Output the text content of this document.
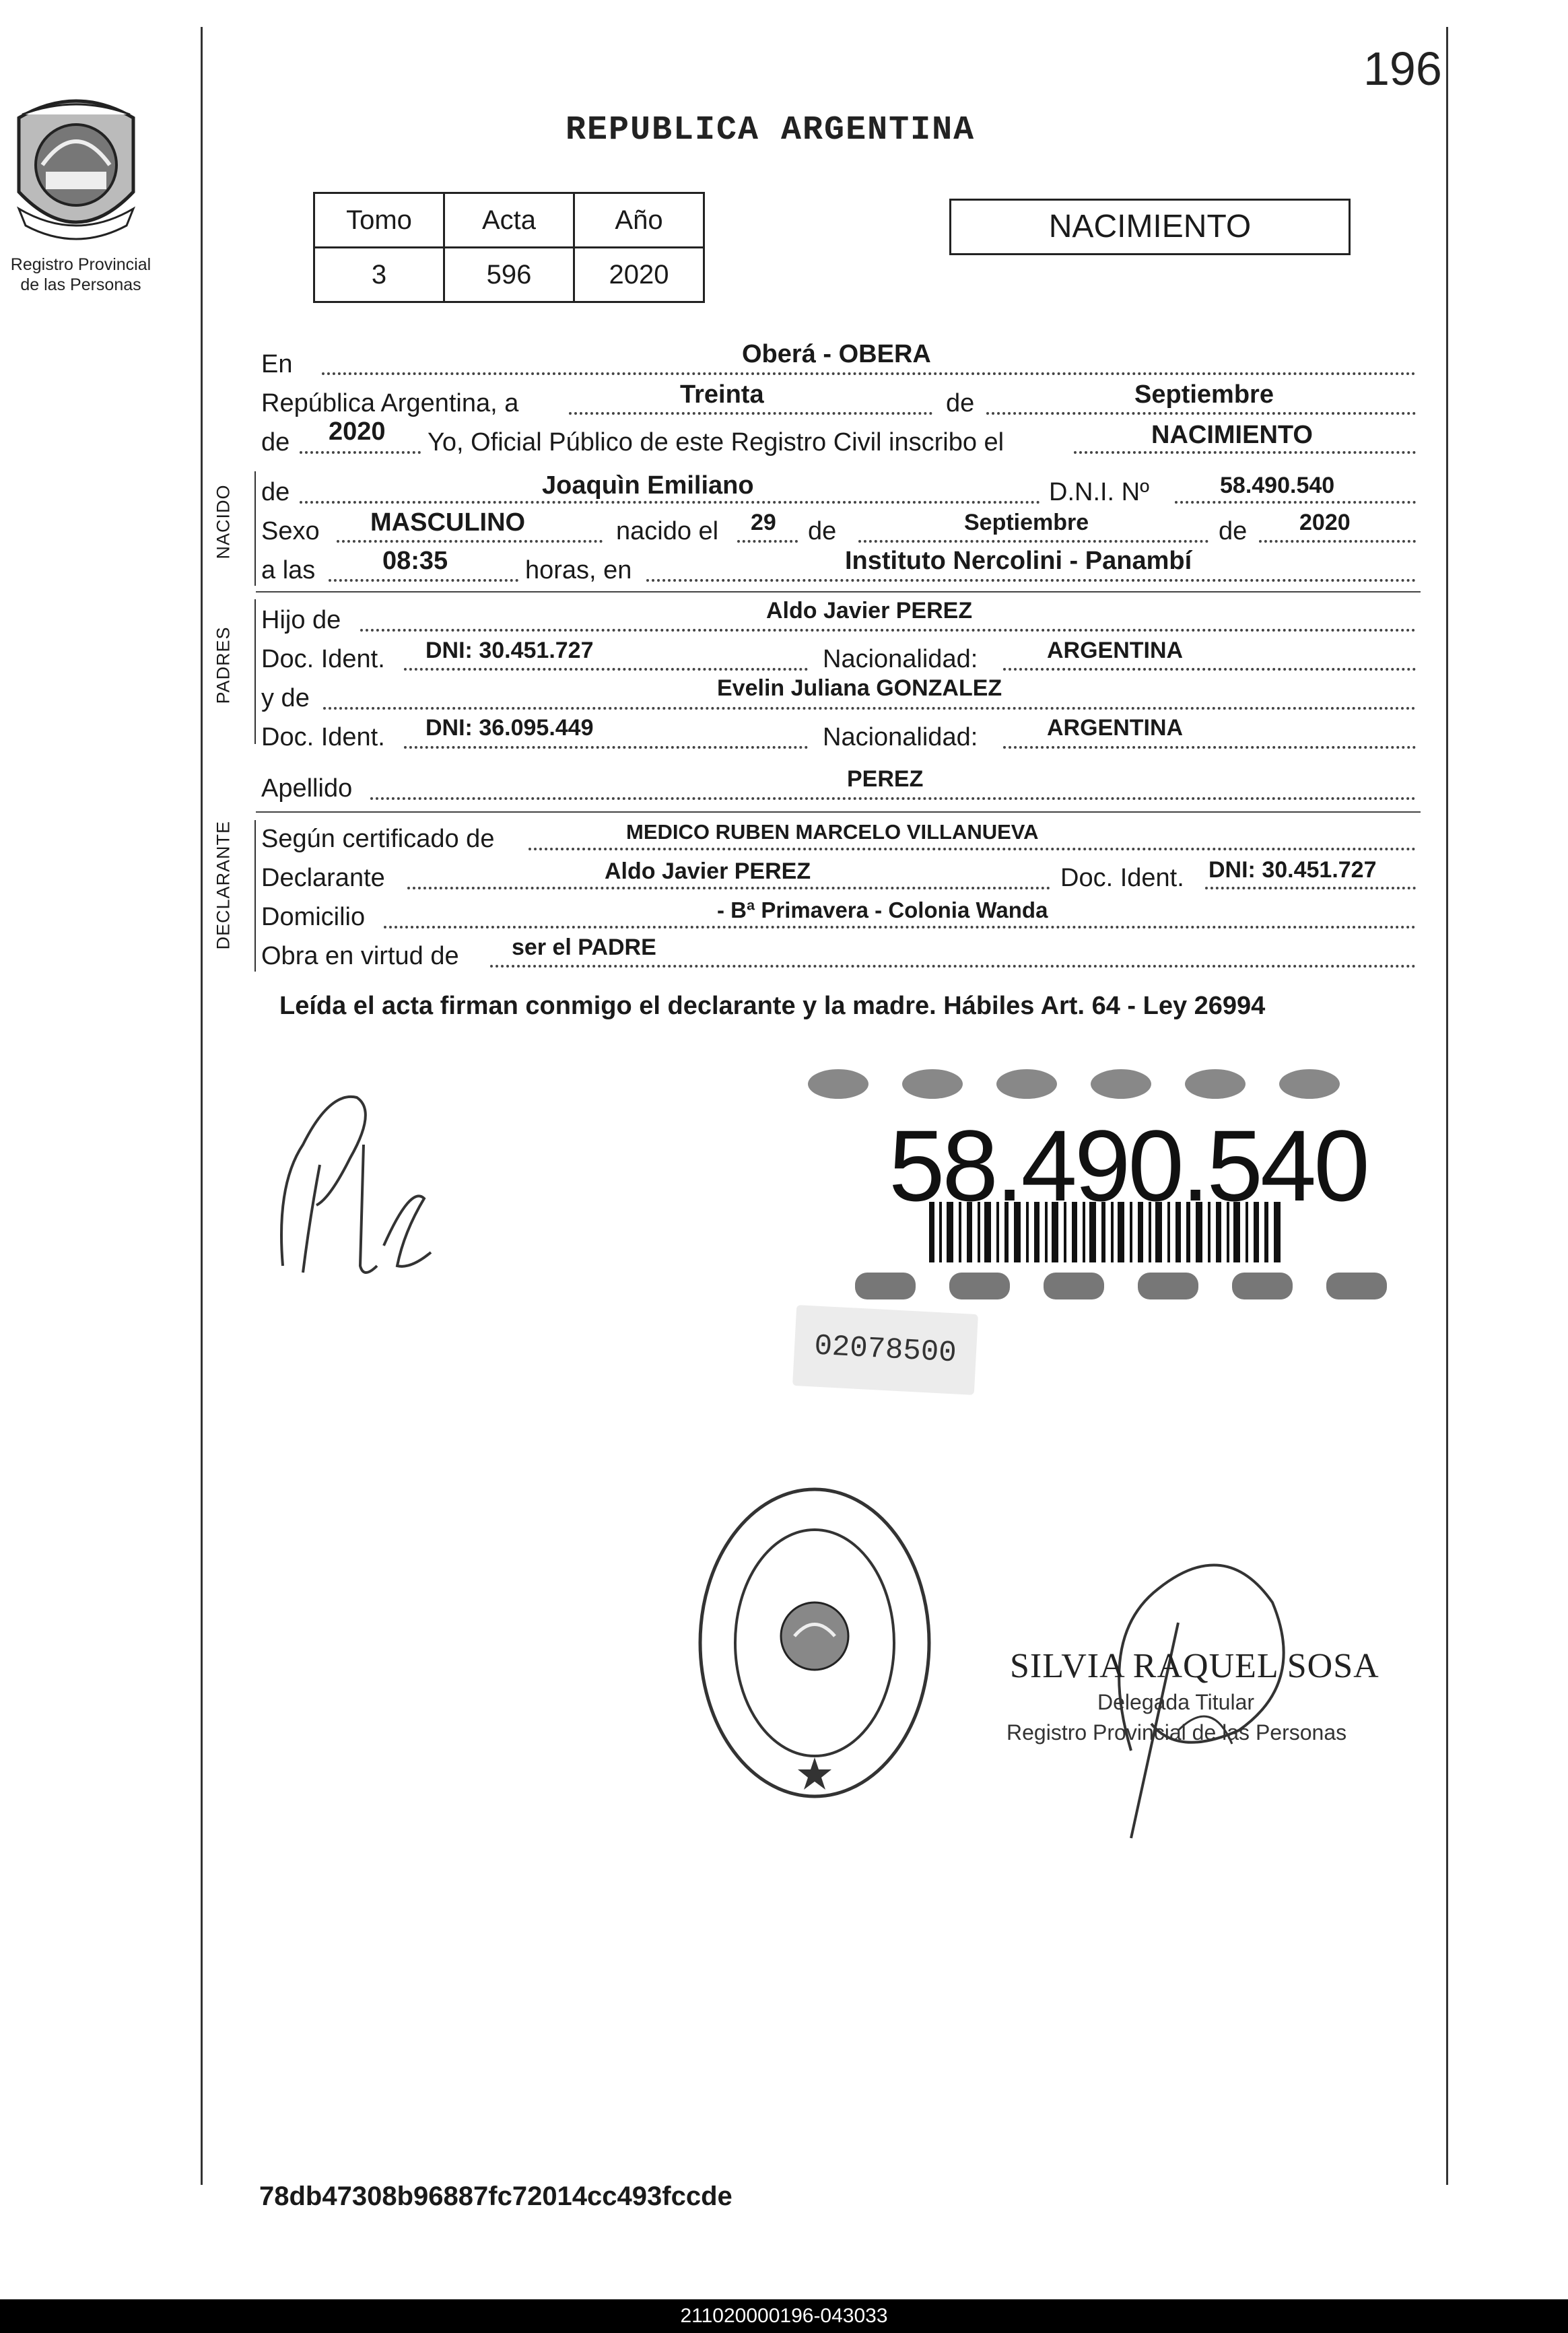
Registro Provincial
de las Personas
196
REPUBLICA ARGENTINA
Tomo	Acta	Año
3	596	2020
NACIMIENTO
En	Oberá - OBERA
República Argentina, a	Treinta	de	Septiembre
de 2020 Yo, Oficial Público de este Registro Civil inscribo el	NACIMIENTO
NACIDO de	Joaquìn Emiliano	D.N.I. Nº	58.490.540
Sexo MASCULINO	nacido el 29 de	Septiembre	de 2020
a las	08:35	horas, en	Instituto Nercolini - Panambí
PADRES
Hijo de	Aldo Javier PEREZ
Doc. Ident. DNI: 30.451.727	Nacionalidad:	ARGENTINA
y de	Evelin Juliana GONZALEZ
Doc. Ident. DNI: 36.095.449	Nacionalidad:	ARGENTINA
Apellido	PEREZ
DECLARANTE Según certificado de	MEDICO RUBEN MARCELO VILLANUEVA
Declarante	Aldo Javier PEREZ	Doc. Ident. DNI: 30.451.727
Domicilio	- Bª Primavera - Colonia Wanda
Obra en virtud de ser el PADRE
Leída el acta firman conmigo el declarante y la madre. Hábiles Art. 64 - Ley 26994
58.490.540
02078500
SILVIA RAQUEL SOSA
Delegada Titular
Registro Provincial de las Personas
78db47308b96887fc72014cc493fccde
211020000196-043033
